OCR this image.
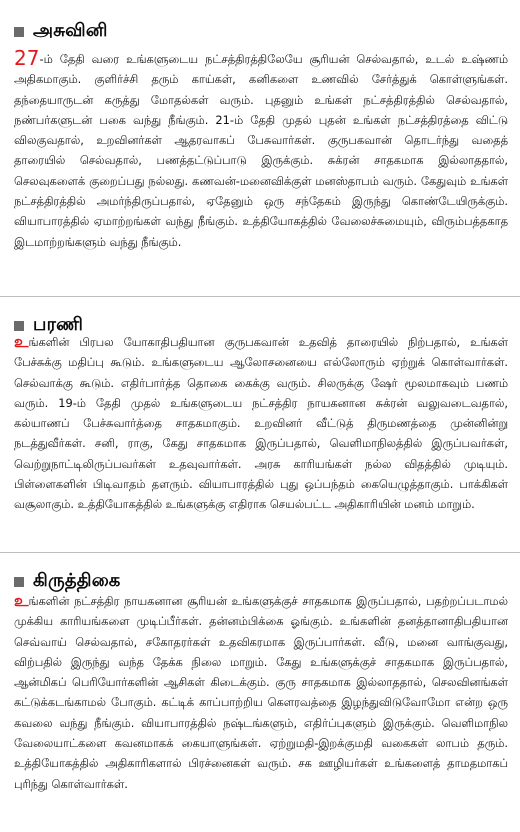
அசுவினி
27-ம் தேதி வரை உங்களுடைய நட்சத்திரத்திலேயே சூரியன் செல்வதால், உடல் உஷ்ணம் அதிகமாகும். குளிர்ச்சி தரும் காய்கள், கனிகளை உணவில் சேர்த்துக் கொள்ளுங்கள். தந்தையாருடன் கருத்து மோதல்கள் வரும். புதனும் உங்கள் நட்சத்திரத்தில் செல்வதால், நண்பர்களுடன் பகை வந்து நீங்கும். 21-ம் தேதி முதல் புதன் உங்கள் நட்சத்திரத்தை விட்டு விலகுவதால், உறவினர்கள் ஆதரவாகப் பேசுவார்கள். குருபகவான் தொடர்ந்து வதைத் தாரையில் செல்வதால், பணத்தட்டுப்பாடு இருக்கும். சுக்ரன் சாதகமாக இல்லாததால், செலவுகளைக் குறைப்பது நல்லது. கணவன்-மனைவிக்குள் மனஸ்தாபம் வரும். கேதுவும் உங்கள் நட்சத்திரத்தில் அமர்ந்திருப்பதால், ஏதேனும் ஒரு சந்தேகம் இருந்து கொண்டேயிருக்கும். வியாபாரத்தில் ஏமாற்றங்கள் வந்து நீங்கும். உத்தியோகத்தில் வேலைச்சுமையும், விரும்பத்தகாத இடமாற்றங்களும் வந்து நீங்கும்.
பரணி
உங்களின் பிரபல யோகாதிபதியான குருபகவான் உதவித் தாரையில் நிற்பதால், உங்கள் பேச்சுக்கு மதிப்பு கூடும். உங்களுடைய ஆலோசனையை எல்லோரும் ஏற்றுக் கொள்வார்கள். செல்வாக்கு கூடும். எதிர்பார்த்த தொகை கைக்கு வரும். சிலருக்கு ஷேர் மூலமாகவும் பணம் வரும். 19-ம் தேதி முதல் உங்களுடைய நட்சத்திர நாயகனான சுக்ரன் வலுவடைவதால், கல்யாணப் பேச்சுவார்த்தை சாதகமாகும். உறவினர் வீட்டுத் திருமணத்தை முன்னின்று நடத்துவீர்கள். சனி, ராகு, கேது சாதகமாக இருப்பதால், வெளிமாநிலத்தில் இருப்பவர்கள், வெற்றுநாட்டிலிருப்பவர்கள் உதவுவார்கள். அரசு காரியங்கள் நல்ல விதத்தில் முடியும். பிள்ளைகளின் பிடிவாதம் தளரும். வியாபாரத்தில் புது ஒப்பந்தம் கையெழுத்தாகும். பாக்கிகள் வசூலாகும். உத்தியோகத்தில் உங்களுக்கு எதிராக செயல்பட்ட அதிகாரியின் மனம் மாறும்.
கிருத்திகை
உங்களின் நட்சத்திர நாயகனான சூரியன் உங்களுக்குச் சாதகமாக இருப்பதால், பதற்றப்படாமல் முக்கிய காரியங்களை முடிப்பீர்கள். தன்னம்பிக்கை ஓங்கும். உங்களின் தனத்தானாதிபதியான செவ்வாய் செல்வதால், சகோதரர்கள் உதவிகரமாக இருப்பார்கள். வீடு, மனை வாங்குவது, விற்பதில் இருந்து வந்த தேக்க நிலை மாறும். கேது உங்களுக்குச் சாதகமாக இருப்பதால், ஆன்மிகப் பெரியோர்களின் ஆசிகள் கிடைக்கும். குரு சாதகமாக இல்லாததால், செலவினங்கள் கட்டுக்கடங்காமல் போகும். கட்டிக் காப்பாற்றிய கௌரவத்தை இழந்துவிடுவோமோ என்ற ஒரு கவலை வந்து நீங்கும். வியாபாரத்தில் நஷ்டங்களும், எதிர்ப்புகளும் இருக்கும். வெளிமாநில வேலையாட்களை கவனமாகக் கையாளுங்கள். ஏற்றுமதி-இறக்குமதி வகைகள் லாபம் தரும். உத்தியோகத்தில் அதிகாரிகளால் பிரச்னைகள் வரும். சக ஊழியர்கள் உங்களைத் தாமதமாகப் புரிந்து கொள்வார்கள்.
